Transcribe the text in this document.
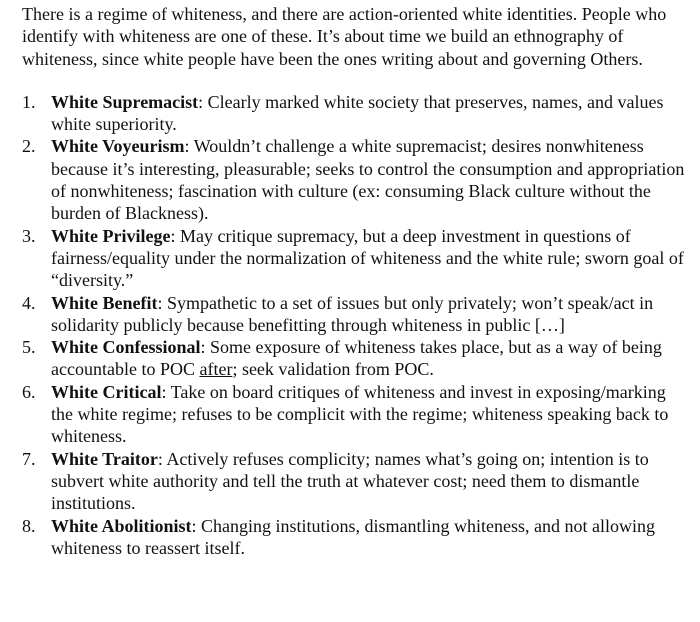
There is a regime of whiteness, and there are action-oriented white identities. People who identify with whiteness are one of these. It’s about time we build an ethnography of whiteness, since white people have been the ones writing about and governing Others.

1. White Supremacist: Clearly marked white society that preserves, names, and values white superiority.
2. White Voyeurism: Wouldn’t challenge a white supremacist; desires nonwhiteness because it’s interesting, pleasurable; seeks to control the consumption and appropriation of nonwhiteness; fascination with culture (ex: consuming Black culture without the burden of Blackness).
3. White Privilege: May critique supremacy, but a deep investment in questions of fairness/equality under the normalization of whiteness and the white rule; sworn goal of “diversity.”
4. White Benefit: Sympathetic to a set of issues but only privately; won’t speak/act in solidarity publicly because benefitting through whiteness in public […]
5. White Confessional: Some exposure of whiteness takes place, but as a way of being accountable to POC after; seek validation from POC.
6. White Critical: Take on board critiques of whiteness and invest in exposing/marking the white regime; refuses to be complicit with the regime; whiteness speaking back to whiteness.
7. White Traitor: Actively refuses complicity; names what’s going on; intention is to subvert white authority and tell the truth at whatever cost; need them to dismantle institutions.
8. White Abolitionist: Changing institutions, dismantling whiteness, and not allowing whiteness to reassert itself.
